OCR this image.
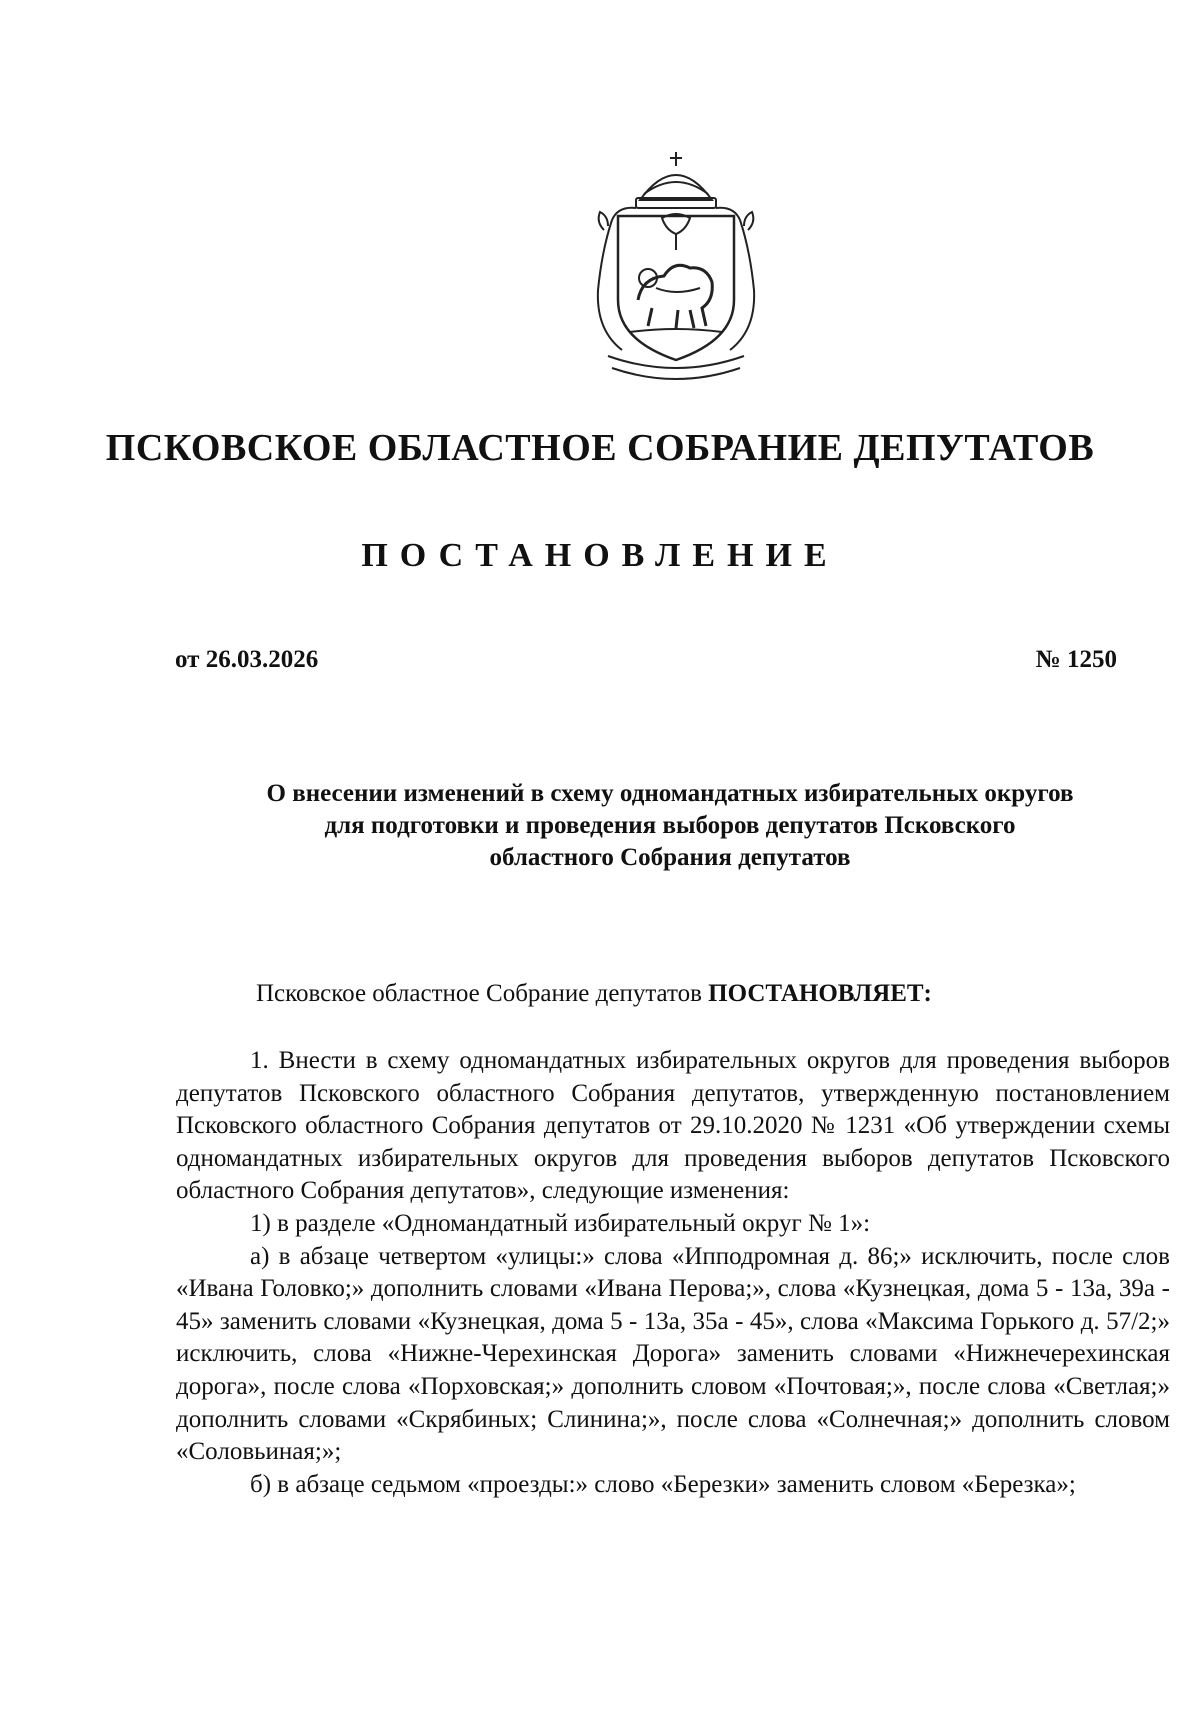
ПСКОВСКОЕ ОБЛАСТНОЕ СОБРАНИЕ ДЕПУТАТОВ
ПОСТАНОВЛЕНИЕ
от 26.03.2026	№ 1250
О внесении изменений в схему одномандатных избирательных округов
для подготовки и проведения выборов депутатов Псковского
областного Собрания депутатов
Псковское областное Собрание депутатов ПОСТАНОВЛЯЕТ:

1. Внести в схему одномандатных избирательных округов для проведения выборов депутатов Псковского областного Собрания депутатов, утвержденную постановлением Псковского областного Собрания депутатов от 29.10.2020 № 1231 «Об утверждении схемы одномандатных избирательных округов для проведения выборов депутатов Псковского областного Собрания депутатов», следующие изменения:

1) в разделе «Одномандатный избирательный округ № 1»:

а) в абзаце четвертом «улицы:» слова «Ипподромная д. 86;» исключить, после слов «Ивана Головко;» дополнить словами «Ивана Перова;», слова «Кузнецкая, дома 5 - 13а, 39а - 45» заменить словами «Кузнецкая, дома 5 - 13а, 35а - 45», слова «Максима Горького д. 57/2;» исключить, слова «Нижне-Черехинская Дорога» заменить словами «Нижнечерехинская дорога», после слова «Порховская;» дополнить словом «Почтовая;», после слова «Светлая;» дополнить словами «Скрябиных; Слинина;», после слова «Солнечная;» дополнить словом «Соловьиная;»;

б) в абзаце седьмом «проезды:» слово «Березки» заменить словом «Березка»;
